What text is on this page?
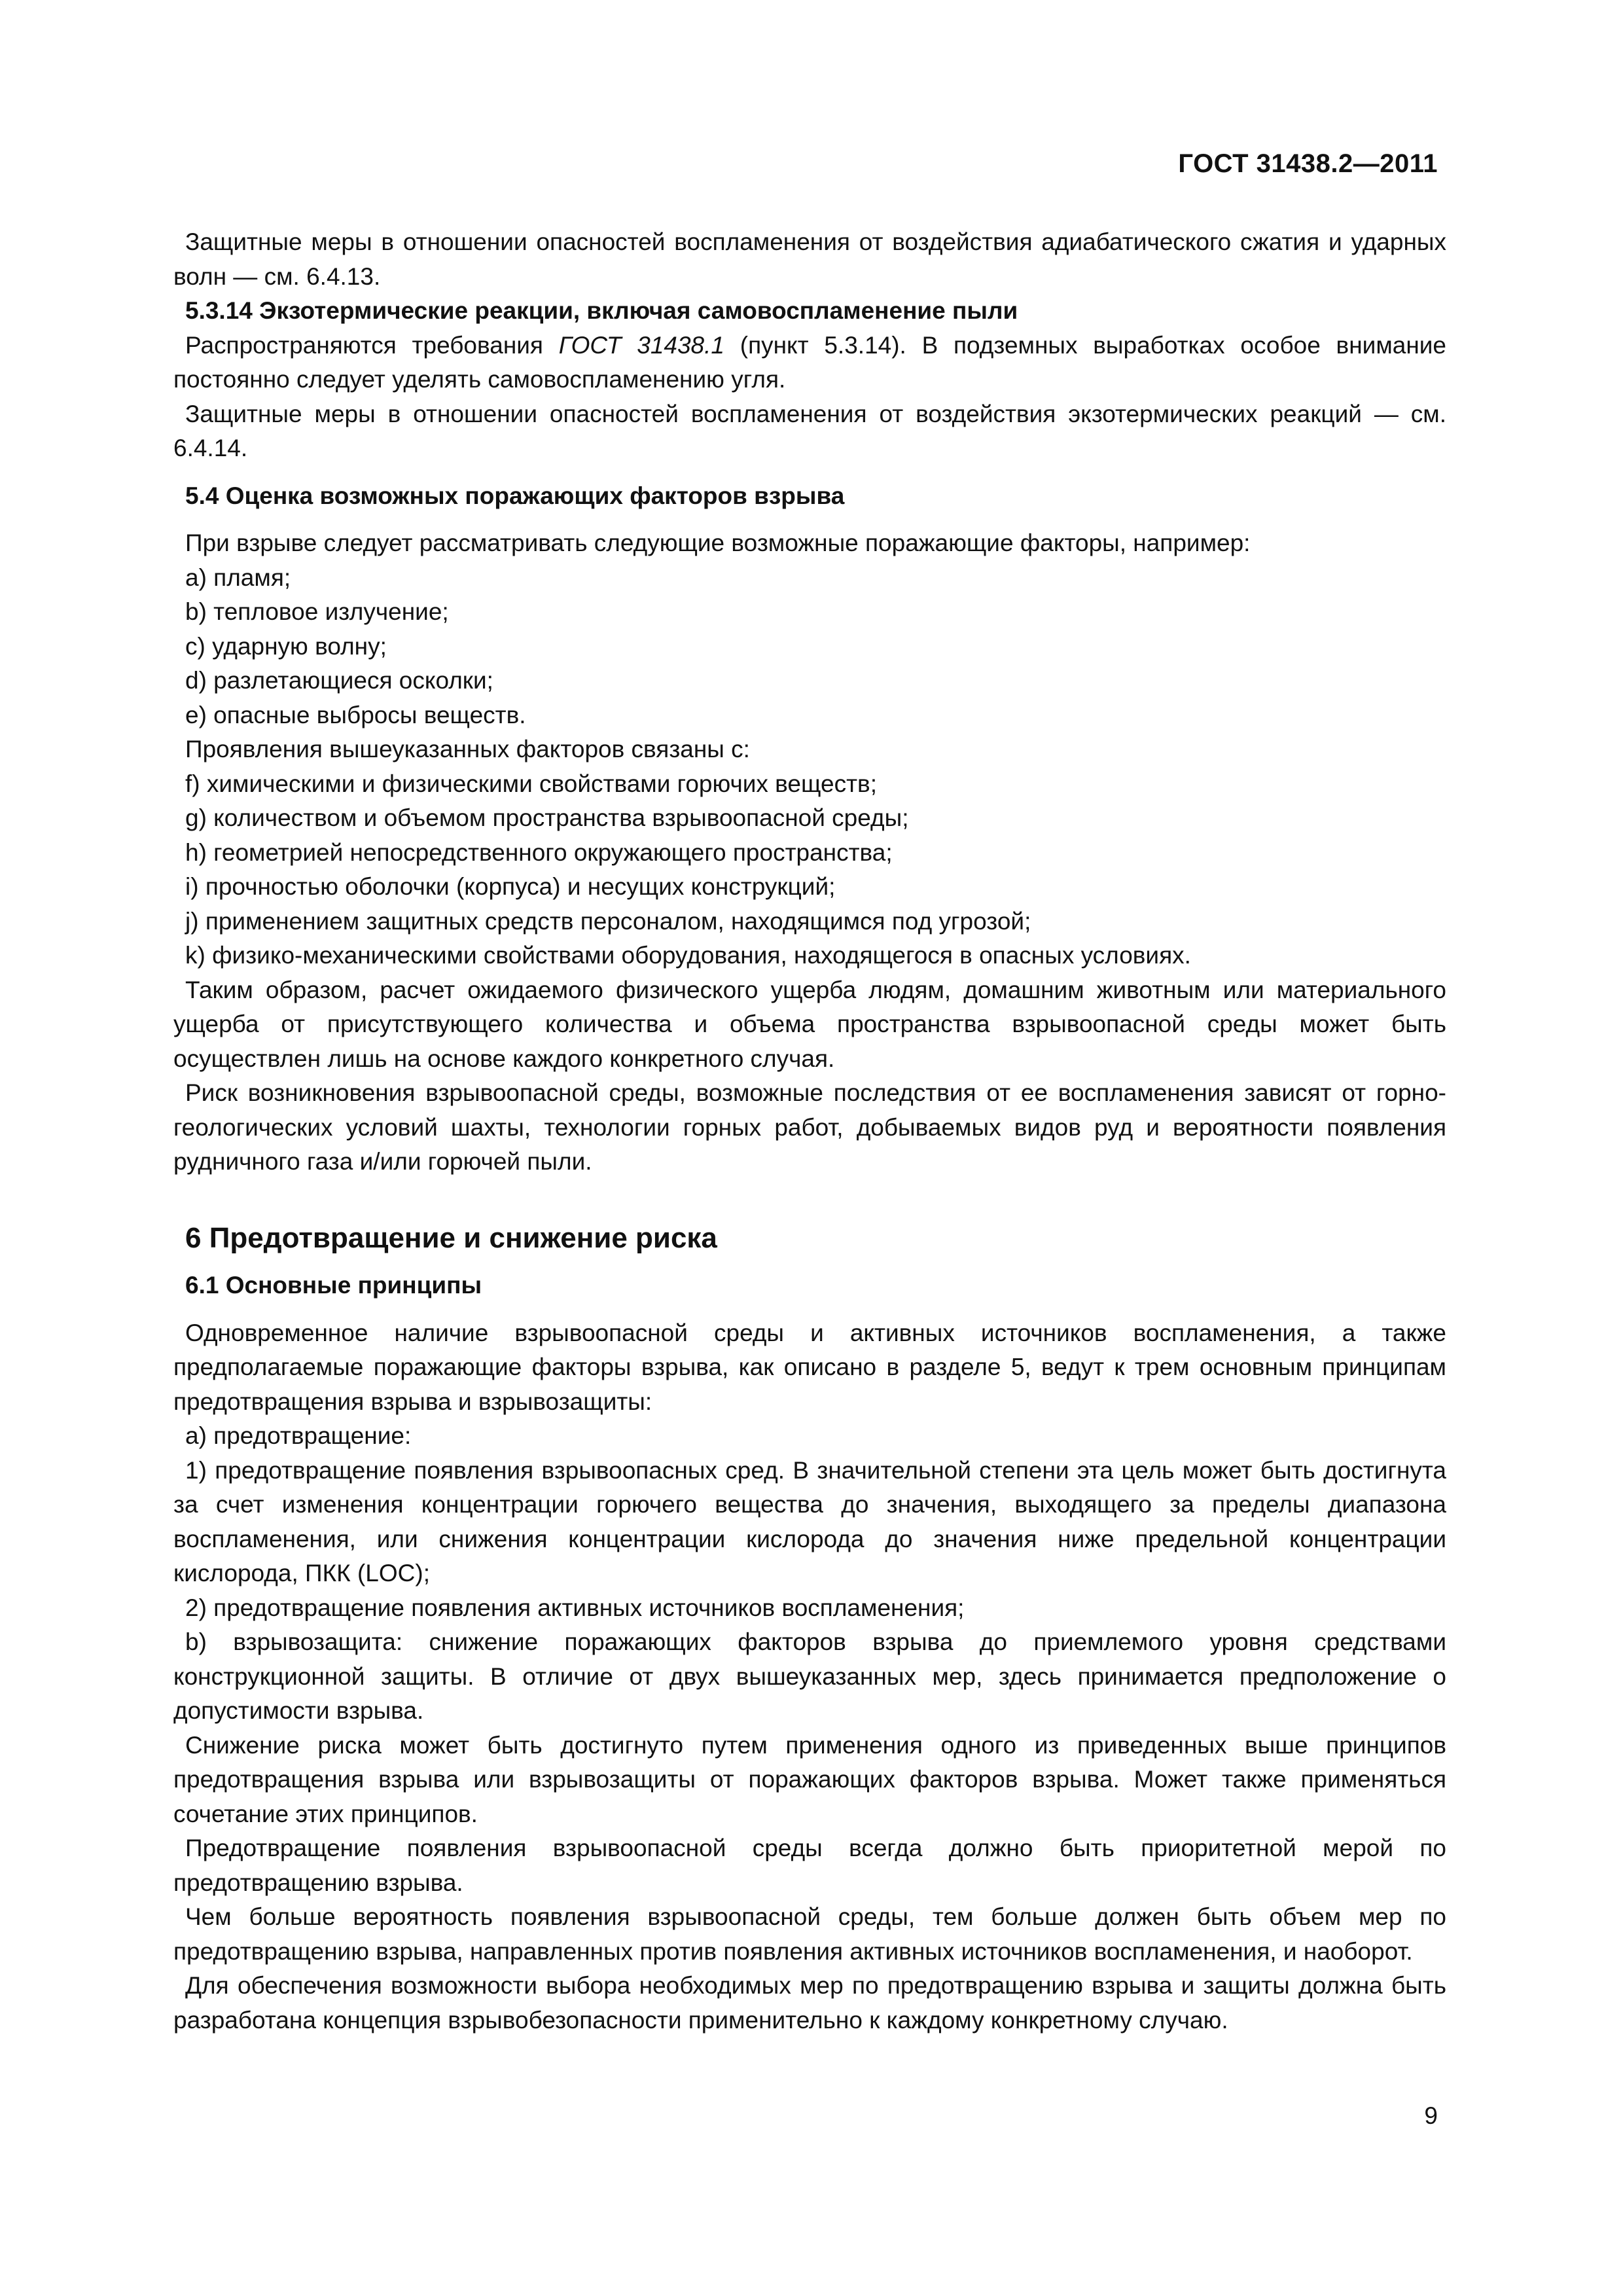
ГОСТ 31438.2—2011

Защитные меры в отношении опасностей воспламенения от воздействия адиабатического сжатия и ударных волн — см. 6.4.13.

5.3.14 Экзотермические реакции, включая самовоспламенение пыли

Распространяются требования ГОСТ 31438.1 (пункт 5.3.14). В подземных выработках особое внимание постоянно следует уделять самовоспламенению угля.

Защитные меры в отношении опасностей воспламенения от воздействия экзотермических реакций — см. 6.4.14.

5.4 Оценка возможных поражающих факторов взрыва

При взрыве следует рассматривать следующие возможные поражающие факторы, например:

а) пламя;

b) тепловое излучение;

с) ударную волну;

d) разлетающиеся осколки;

е) опасные выбросы веществ.

Проявления вышеуказанных факторов связаны с:

f) химическими и физическими свойствами горючих веществ;

g) количеством и объемом пространства взрывоопасной среды;

h) геометрией непосредственного окружающего пространства;

i) прочностью оболочки (корпуса) и несущих конструкций;

j) применением защитных средств персоналом, находящимся под угрозой;

k) физико-механическими свойствами оборудования, находящегося в опасных условиях.

Таким образом, расчет ожидаемого физического ущерба людям, домашним животным или материального ущерба от присутствующего количества и объема пространства взрывоопасной среды может быть осуществлен лишь на основе каждого конкретного случая.

Риск возникновения взрывоопасной среды, возможные последствия от ее воспламенения зависят от горно-геологических условий шахты, технологии горных работ, добываемых видов руд и вероятности появления рудничного газа и/или горючей пыли.

6 Предотвращение и снижение риска

6.1 Основные принципы

Одновременное наличие взрывоопасной среды и активных источников воспламенения, а также предполагаемые поражающие факторы взрыва, как описано в разделе 5, ведут к трем основным принципам предотвращения взрыва и взрывозащиты:

а) предотвращение:

1) предотвращение появления взрывоопасных сред. В значительной степени эта цель может быть достигнута за счет изменения концентрации горючего вещества до значения, выходящего за пределы диапазона воспламенения, или снижения концентрации кислорода до значения ниже предельной концентрации кислорода, ПКК (LOC);

2) предотвращение появления активных источников воспламенения;

b) взрывозащита: снижение поражающих факторов взрыва до приемлемого уровня средствами конструкционной защиты. В отличие от двух вышеуказанных мер, здесь принимается предположение о допустимости взрыва.

Снижение риска может быть достигнуто путем применения одного из приведенных выше принципов предотвращения взрыва или взрывозащиты от поражающих факторов взрыва. Может также применяться сочетание этих принципов.

Предотвращение появления взрывоопасной среды всегда должно быть приоритетной мерой по предотвращению взрыва.

Чем больше вероятность появления взрывоопасной среды, тем больше должен быть объем мер по предотвращению взрыва, направленных против появления активных источников воспламенения, и наоборот.

Для обеспечения возможности выбора необходимых мер по предотвращению взрыва и защиты должна быть разработана концепция взрывобезопасности применительно к каждому конкретному случаю.

9
